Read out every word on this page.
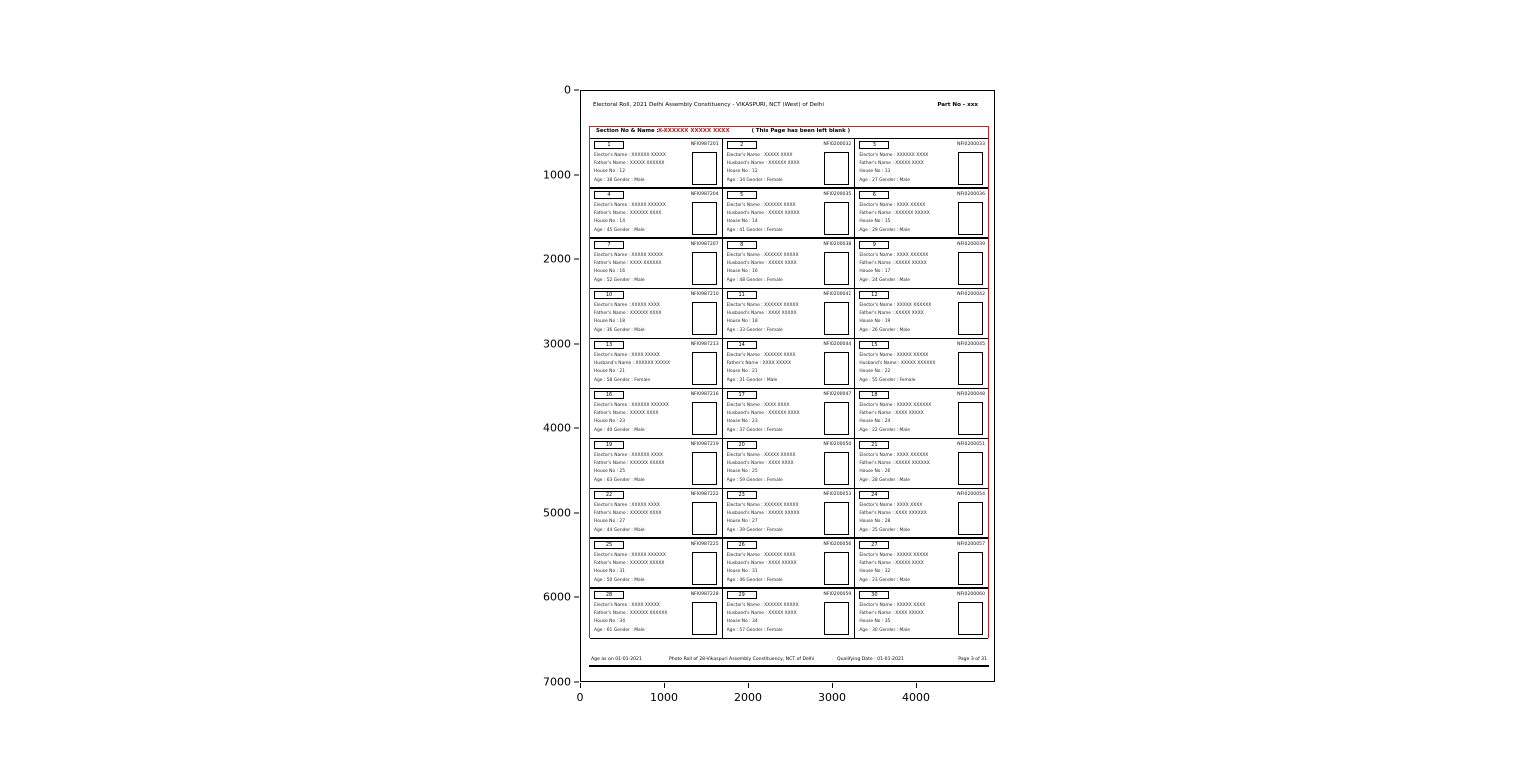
Electoral Roll, 2021 Delhi Assembly Constituency - VIKASPURI, NCT (West) of Delhi	Part No - xxx
Section No & Name : X-XXXXXX XXXXX XXXX	( This Page has been left blank )
1	NFI0987201
Elector's Name : XXXXXX XXXXX
Father's Name : XXXXX XXXXXX
House No : 12
Age : 38 Gender : Male
2	NFI0200032
Elector's Name : XXXXX XXXX
Husband's Name : XXXXXX XXXX
House No : 12
Age : 34 Gender : Female
3	NFI0200033
Elector's Name : XXXXXX XXXX
Father's Name : XXXXX XXXX
House No : 13
Age : 27 Gender : Male
4	NFI0987204
Elector's Name : XXXXX XXXXXX
Father's Name : XXXXXX XXXX
House No : 14
Age : 45 Gender : Male
5	NFI0200035
Elector's Name : XXXXXX XXXX
Husband's Name : XXXXX XXXXX
House No : 14
Age : 41 Gender : Female
6	NFI0200036
Elector's Name : XXXX XXXXX
Father's Name : XXXXXX XXXXX
House No : 15
Age : 29 Gender : Male
7	NFI0987207
Elector's Name : XXXXX XXXXX
Father's Name : XXXX XXXXXX
House No : 16
Age : 52 Gender : Male
8	NFI0200038
Elector's Name : XXXXXX XXXXX
Husband's Name : XXXXX XXXX
House No : 16
Age : 48 Gender : Female
9	NFI0200039
Elector's Name : XXXX XXXXXX
Father's Name : XXXXX XXXXX
House No : 17
Age : 24 Gender : Male
10	NFI0987210
Elector's Name : XXXXX XXXX
Father's Name : XXXXXX XXXX
House No : 18
Age : 36 Gender : Male
11	NFI0200041
Elector's Name : XXXXXX XXXXX
Husband's Name : XXXX XXXXX
House No : 18
Age : 33 Gender : Female
12	NFI0200042
Elector's Name : XXXXX XXXXXX
Father's Name : XXXXX XXXX
House No : 19
Age : 26 Gender : Male
13	NFI0987213
Elector's Name : XXXX XXXXX
Husband's Name : XXXXXX XXXXX
House No : 21
Age : 58 Gender : Female
14	NFI0200044
Elector's Name : XXXXXX XXXX
Father's Name : XXXX XXXXX
House No : 21
Age : 31 Gender : Male
15	NFI0200045
Elector's Name : XXXXX XXXXX
Husband's Name : XXXXX XXXXXX
House No : 22
Age : 55 Gender : Female
16	NFI0987216
Elector's Name : XXXXXX XXXXXX
Father's Name : XXXXX XXXX
House No : 23
Age : 40 Gender : Male
17	NFI0200047
Elector's Name : XXXX XXXX
Husband's Name : XXXXXX XXXX
House No : 23
Age : 37 Gender : Female
18	NFI0200048
Elector's Name : XXXXX XXXXXX
Father's Name : XXXX XXXXX
House No : 24
Age : 22 Gender : Male
19	NFI0987219
Elector's Name : XXXXXX XXXX
Father's Name : XXXXXX XXXXX
House No : 25
Age : 63 Gender : Male
20	NFI0200050
Elector's Name : XXXXX XXXXX
Husband's Name : XXXX XXXX
House No : 25
Age : 59 Gender : Female
21	NFI0200051
Elector's Name : XXXX XXXXXX
Father's Name : XXXXX XXXXXX
House No : 26
Age : 28 Gender : Male
22	NFI0987222
Elector's Name : XXXXX XXXX
Father's Name : XXXXXX XXXX
House No : 27
Age : 44 Gender : Male
23	NFI0200053
Elector's Name : XXXXXX XXXXX
Husband's Name : XXXXX XXXXX
House No : 27
Age : 39 Gender : Female
24	NFI0200054
Elector's Name : XXXX XXXX
Father's Name : XXXX XXXXXX
House No : 28
Age : 25 Gender : Male
25	NFI0987225
Elector's Name : XXXXX XXXXXX
Father's Name : XXXXXX XXXXX
House No : 31
Age : 50 Gender : Male
26	NFI0200056
Elector's Name : XXXXXX XXXX
Husband's Name : XXXX XXXXX
House No : 31
Age : 46 Gender : Female
27	NFI0200057
Elector's Name : XXXXX XXXXX
Father's Name : XXXXX XXXX
House No : 32
Age : 23 Gender : Male
28	NFI0987228
Elector's Name : XXXX XXXXX
Father's Name : XXXXXX XXXXXX
House No : 34
Age : 61 Gender : Male
29	NFI0200059
Elector's Name : XXXXXX XXXXX
Husband's Name : XXXXX XXXX
House No : 34
Age : 57 Gender : Female
30	NFI0200060
Elector's Name : XXXXX XXXX
Father's Name : XXXX XXXXX
House No : 35
Age : 30 Gender : Male
Age as on 01-01-2021	Photo Roll of 28-Vikaspuri Assembly Constituency, NCT of Delhi	Qualifying Date : 01-01-2021	Page 3 of 31
0
1000
2000
3000
4000
5000
6000
7000
0	1000	2000	3000	4000
